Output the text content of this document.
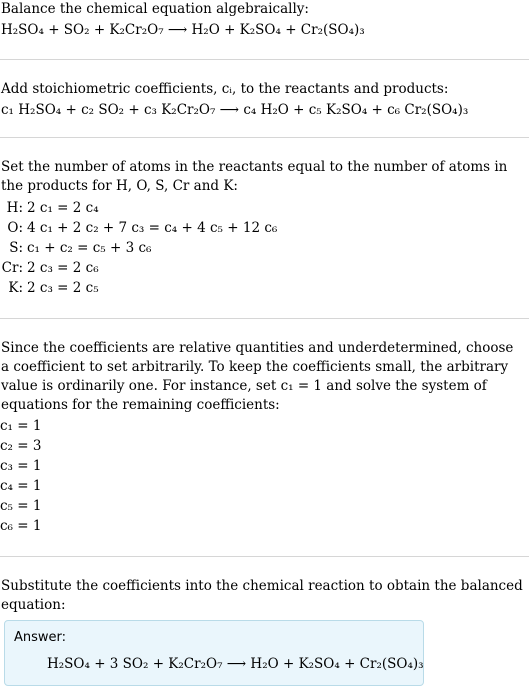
Balance the chemical equation algebraically:
H₂SO₄ + SO₂ + K₂Cr₂O₇ ⟶ H₂O + K₂SO₄ + Cr₂(SO₄)₃
Add stoichiometric coefficients, cᵢ, to the reactants and products:
c₁ H₂SO₄ + c₂ SO₂ + c₃ K₂Cr₂O₇ ⟶ c₄ H₂O + c₅ K₂SO₄ + c₆ Cr₂(SO₄)₃
Set the number of atoms in the reactants equal to the number of atoms in the products for H, O, S, Cr and K:
H: 2 c₁ = 2 c₄
O: 4 c₁ + 2 c₂ + 7 c₃ = c₄ + 4 c₅ + 12 c₆
S: c₁ + c₂ = c₅ + 3 c₆
Cr: 2 c₃ = 2 c₆
K: 2 c₃ = 2 c₅
Since the coefficients are relative quantities and underdetermined, choose a coefficient to set arbitrarily. To keep the coefficients small, the arbitrary value is ordinarily one. For instance, set c₁ = 1 and solve the system of equations for the remaining coefficients:
c₁ = 1
c₂ = 3
c₃ = 1
c₄ = 1
c₅ = 1
c₆ = 1
Substitute the coefficients into the chemical reaction to obtain the balanced equation:
Answer:
H₂SO₄ + 3 SO₂ + K₂Cr₂O₇ ⟶ H₂O + K₂SO₄ + Cr₂(SO₄)₃
